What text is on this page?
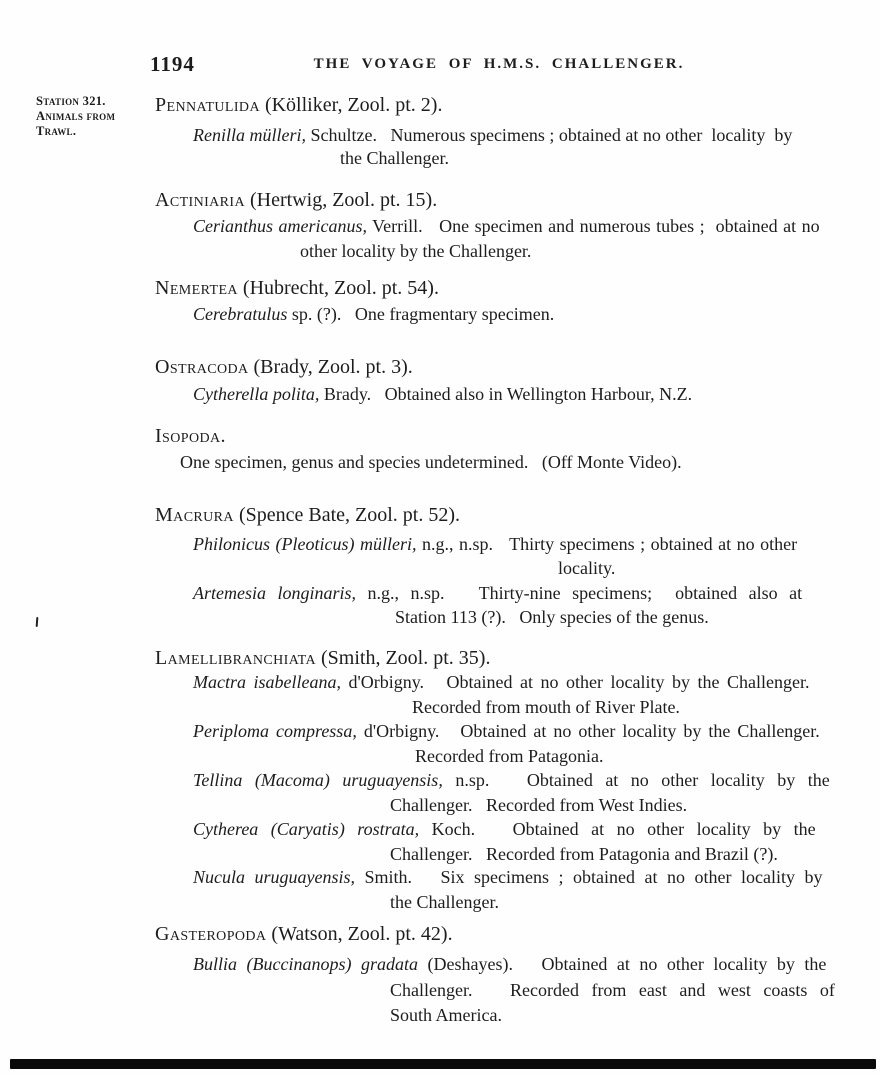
1194	THE VOYAGE OF H.M.S. CHALLENGER.
Station 321.
Animals from
Trawl.
Pennatulida (Kölliker, Zool. pt. 2).
Renilla mülleri, Schultze.   Numerous specimens ; obtained at no other  locality  by
the Challenger.
Actiniaria (Hertwig, Zool. pt. 15).
Cerianthus americanus, Verrill.   One specimen and numerous tubes ;  obtained at no
other locality by the Challenger.
Nemertea (Hubrecht, Zool. pt. 54).
Cerebratulus sp. (?).   One fragmentary specimen.
Ostracoda (Brady, Zool. pt. 3).
Cytherella polita, Brady.   Obtained also in Wellington Harbour, N.Z.
Isopoda.
One specimen, genus and species undetermined.   (Off Monte Video).
Macrura (Spence Bate, Zool. pt. 52).
Philonicus (Pleoticus) mülleri, n.g., n.sp.   Thirty specimens ; obtained at no other
locality.
Artemesia longinaris, n.g., n.sp.   Thirty-nine specimens;  obtained also at
Station 113 (?).   Only species of the genus.
Lamellibranchiata (Smith, Zool. pt. 35).
Mactra isabelleana, d'Orbigny.   Obtained at no other locality by the Challenger.
Recorded from mouth of River Plate.
Periploma compressa, d'Orbigny.   Obtained at no other locality by the Challenger.
Recorded from Patagonia.
Tellina (Macoma) uruguayensis, n.sp.   Obtained at no other locality by the
Challenger.   Recorded from West Indies.
Cytherea (Caryatis) rostrata, Koch.   Obtained at no other locality by the
Challenger.   Recorded from Patagonia and Brazil (?).
Nucula uruguayensis, Smith.   Six specimens ; obtained at no other locality by
the Challenger.
Gasteropoda (Watson, Zool. pt. 42).
Bullia (Buccinanops) gradata (Deshayes).   Obtained at no other locality by the
Challenger.   Recorded from east and west coasts of
South America.
